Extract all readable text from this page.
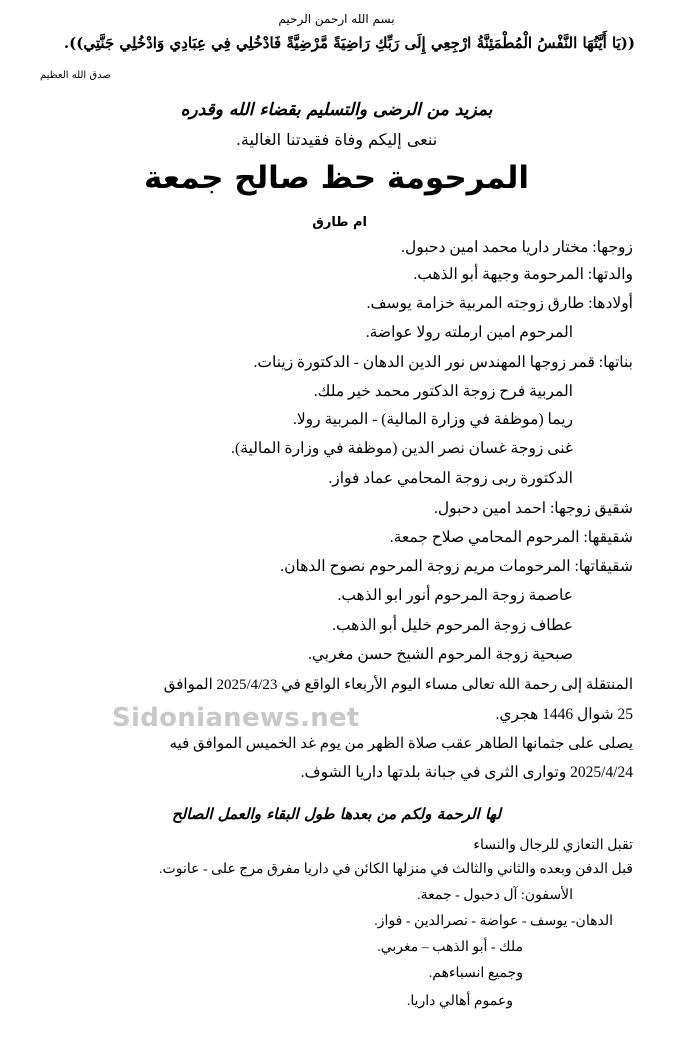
بسم الله ارحمن الرحيم
((يَا أَيَّتُهَا النَّفْسُ الْمُطْمَئِنَّةُ ارْجِعِي إِلَى رَبِّكِ رَاضِيَةً مَّرْضِيَّةً فَادْخُلِي فِي عِبَادِي وَادْخُلِي جَنَّتِي)).
صدق الله العظيم
بمزيد من الرضى والتسليم بقضاء الله وقدره
ننعى إليكم وفاة فقيدتنا الغالية.
المرحومة حظ صالح جمعة
ام طارق
زوجها: مختار داريا محمد امين دحبول.
والدتها: المرحومة وجيهة أبو الذهب.
أولادها: طارق زوجته المربية خزامة يوسف.
المرحوم امين ارملته رولا عواضة.
بناتها: قمر زوجها المهندس نور الدين الدهان - الدكتورة زينات.
المربية فرح زوجة الدكتور محمد خير ملك.
ريما (موظفة في وزارة المالية) - المربية رولا.
غنى زوجة غسان نصر الدين (موظفة في وزارة المالية).
الدكتورة ربى زوجة المحامي عماد فواز.
شقيق زوجها: احمد امين دحبول.
شقيقها: المرحوم المحامي صلاح جمعة.
شقيقاتها: المرحومات مريم زوجة المرحوم نصوح الدهان.
عاصمة زوجة المرحوم أنور ابو الذهب.
عطاف زوجة المرحوم خليل أبو الذهب.
صبحية زوجة المرحوم الشيخ حسن مغربي.
المنتقلة إلى رحمة الله تعالى مساء اليوم الأربعاء الواقع في 2025/4/23 الموافق
Sidonianews.net	25 شوال 1446 هجري.
يصلى على جثمانها الطاهر عقب صلاة الظهر من يوم غد الخميس الموافق فيه
2025/4/24 وتوارى الثرى في جبانة بلدتها داريا الشوف.
لها الرحمة ولكم من بعدها طول البقاء والعمل الصالح
تقبل التعازي للرجال والنساء
قبل الدفن وبعده والثاني والثالث في منزلها الكائن في داريا مفرق مرج على - عانوت.
الأسفون: آل دحبول - جمعة.
الدهان- يوسف - عواضة - نصرالدين - فواز.
ملك - أبو الذهب – مغربي.
وجميع انسباءهم.
وعموم أهالي داريا.
